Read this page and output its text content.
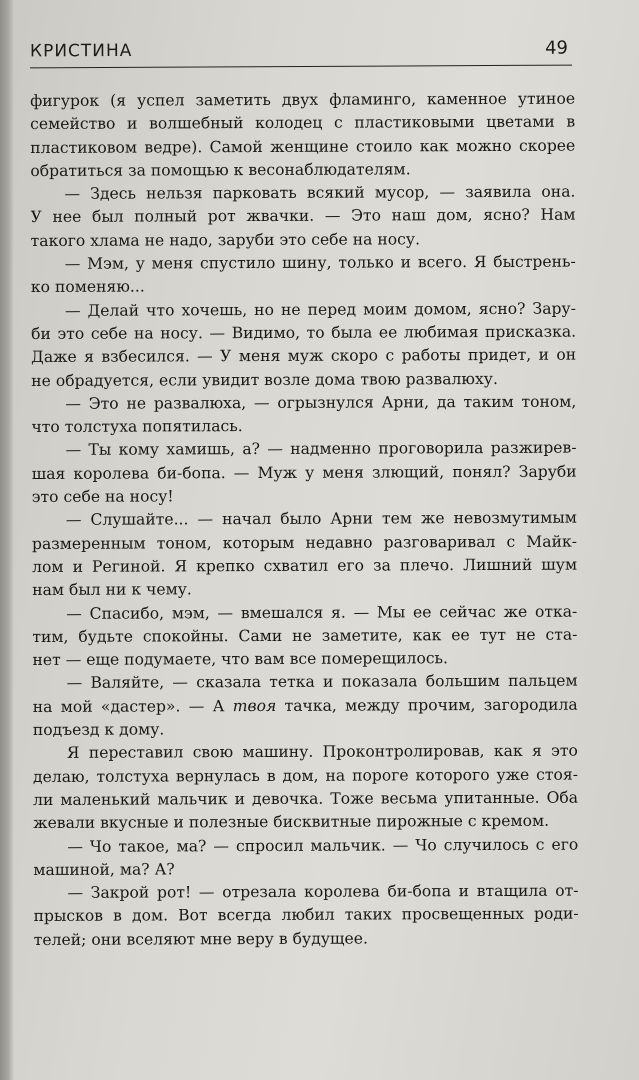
КРИСТИНА	49
фигурок (я успел заметить двух фламинго, каменное утиное
семейство и волшебный колодец с пластиковыми цветами в
пластиковом ведре). Самой женщине стоило как можно скорее
обратиться за помощью к весонаблюдателям.
— Здесь нельзя парковать всякий мусор, — заявила она.
У нее был полный рот жвачки. — Это наш дом, ясно? Нам
такого хлама не надо, заруби это себе на носу.
— Мэм, у меня спустило шину, только и всего. Я быстрень-
ко поменяю...
— Делай что хочешь, но не перед моим домом, ясно? Зару-
би это себе на носу. — Видимо, то была ее любимая присказка.
Даже я взбесился. — У меня муж скоро с работы придет, и он
не обрадуется, если увидит возле дома твою развалюху.
— Это не развалюха, — огрызнулся Арни, да таким тоном,
что толстуха попятилась.
— Ты кому хамишь, а? — надменно проговорила разжирев-
шая королева би-бопа. — Муж у меня злющий, понял? Заруби
это себе на носу!
— Слушайте... — начал было Арни тем же невозмутимым
размеренным тоном, которым недавно разговаривал с Майк-
лом и Региной. Я крепко схватил его за плечо. Лишний шум
нам был ни к чему.
— Спасибо, мэм, — вмешался я. — Мы ее сейчас же отка-
тим, будьте спокойны. Сами не заметите, как ее тут не ста-
нет — еще подумаете, что вам все померещилось.
— Валяйте, — сказала тетка и показала большим пальцем
на мой «дастер». — А твоя тачка, между прочим, загородила
подъезд к дому.
Я переставил свою машину. Проконтролировав, как я это
делаю, толстуха вернулась в дом, на пороге которого уже стоя-
ли маленький мальчик и девочка. Тоже весьма упитанные. Оба
жевали вкусные и полезные бисквитные пирожные с кремом.
— Чо такое, ма? — спросил мальчик. — Чо случилось с его
машиной, ма? А?
— Закрой рот! — отрезала королева би-бопа и втащила от-
прысков в дом. Вот всегда любил таких просвещенных роди-
телей; они вселяют мне веру в будущее.
